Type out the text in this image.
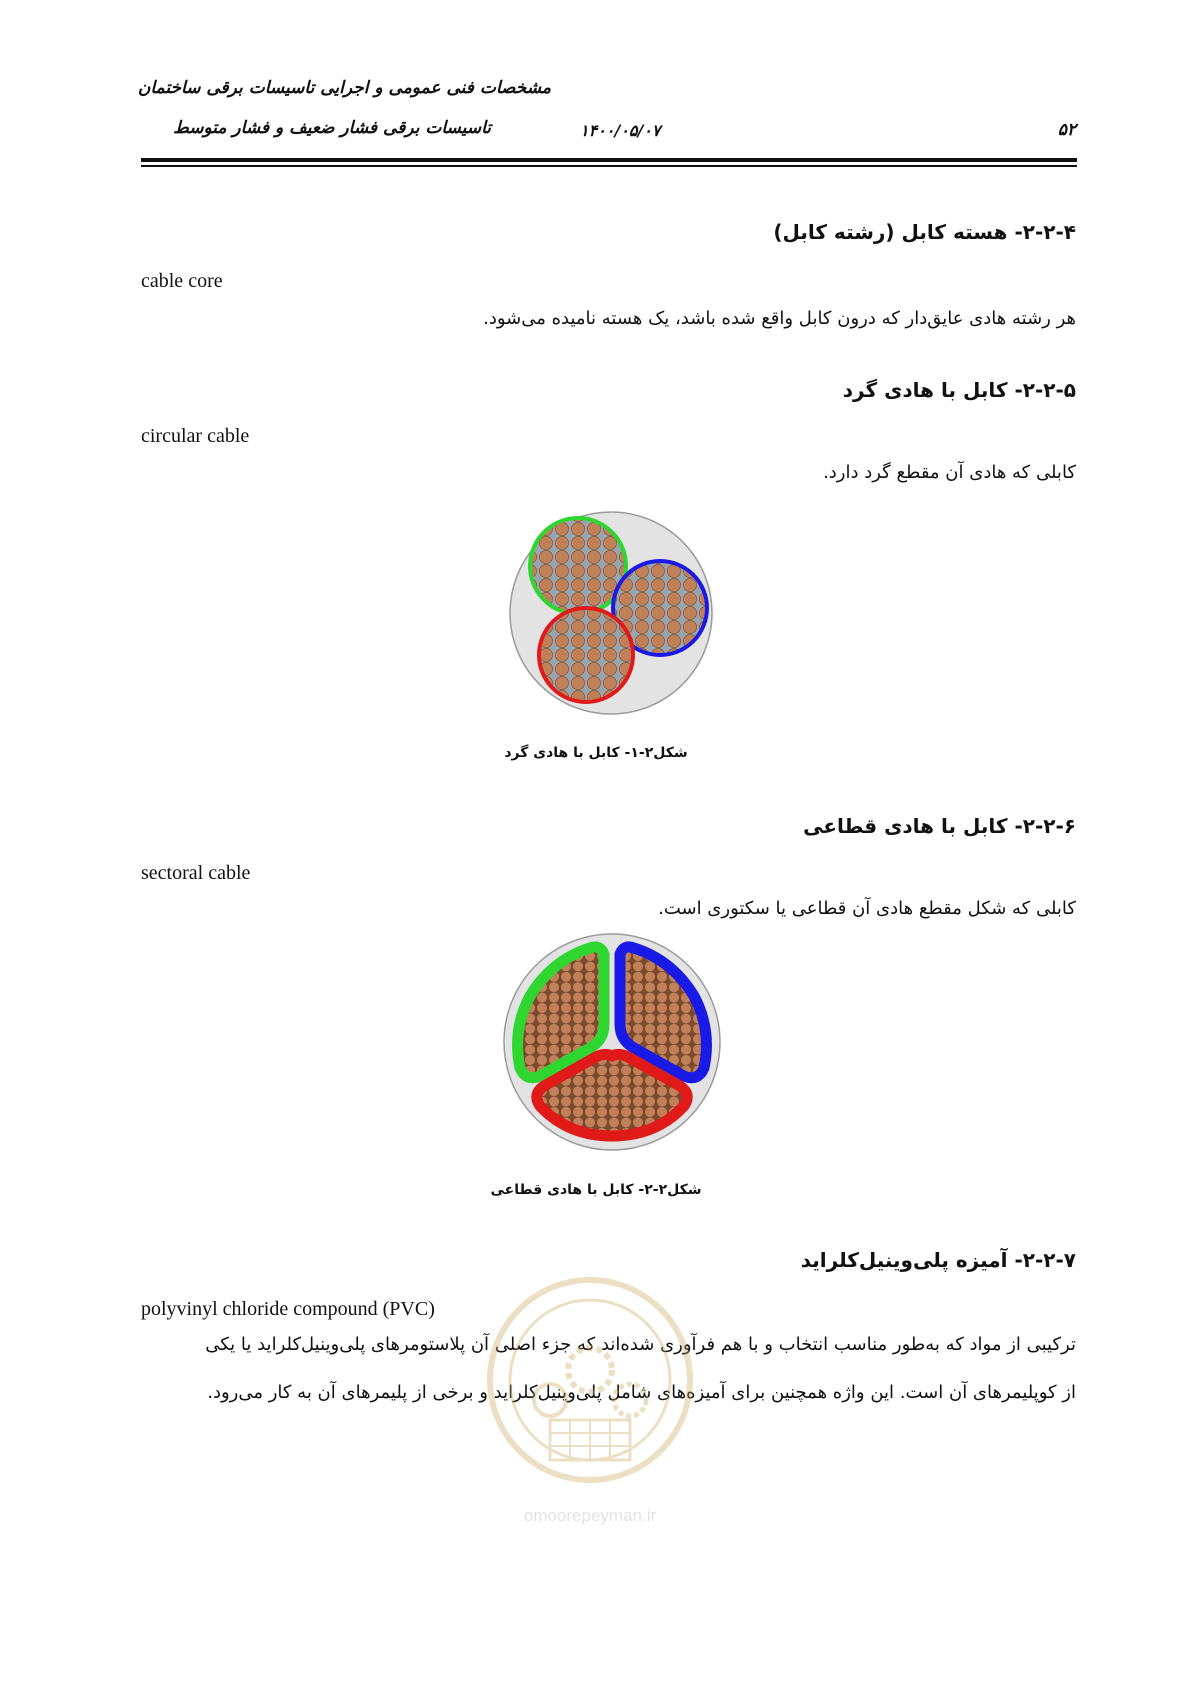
مشخصات فنی عمومی و اجرایی تاسیسات برقی ساختمان
تاسیسات برقی فشار ضعیف و فشار متوسط	۱۴۰۰/۰۵/۰۷	۵۲
۲-۲-۴- هسته کابل (رشته کابل)
cable core
هر رشته هادی عایق‌دار که درون کابل واقع شده باشد، یک هسته نامیده می‌شود.
۲-۲-۵- کابل با هادی گرد
circular cable
کابلی که هادی آن مقطع گرد دارد.
شکل۲-۱- کابل با هادی گرد
۲-۲-۶- کابل با هادی قطاعی
sectoral cable
کابلی که شکل مقطع هادی آن قطاعی یا سکتوری است.
شکل۲-۲- کابل با هادی قطاعی
۲-۲-۷- آمیزه پلی‌وینیل‌کلراید
polyvinyl chloride compound (PVC)
ترکیبی از مواد که به‌طور مناسب انتخاب و با هم فرآوری شده‌اند که جزء اصلی آن پلاستومرهای پلی‌وینیل‌کلراید یا یکی
از کوپلیمرهای آن است. این واژه همچنین برای آمیزه‌های شامل پلی‌وینیل‌کلراید و برخی از پلیمرهای آن به کار می‌رود.
omoorepeyman.ir
